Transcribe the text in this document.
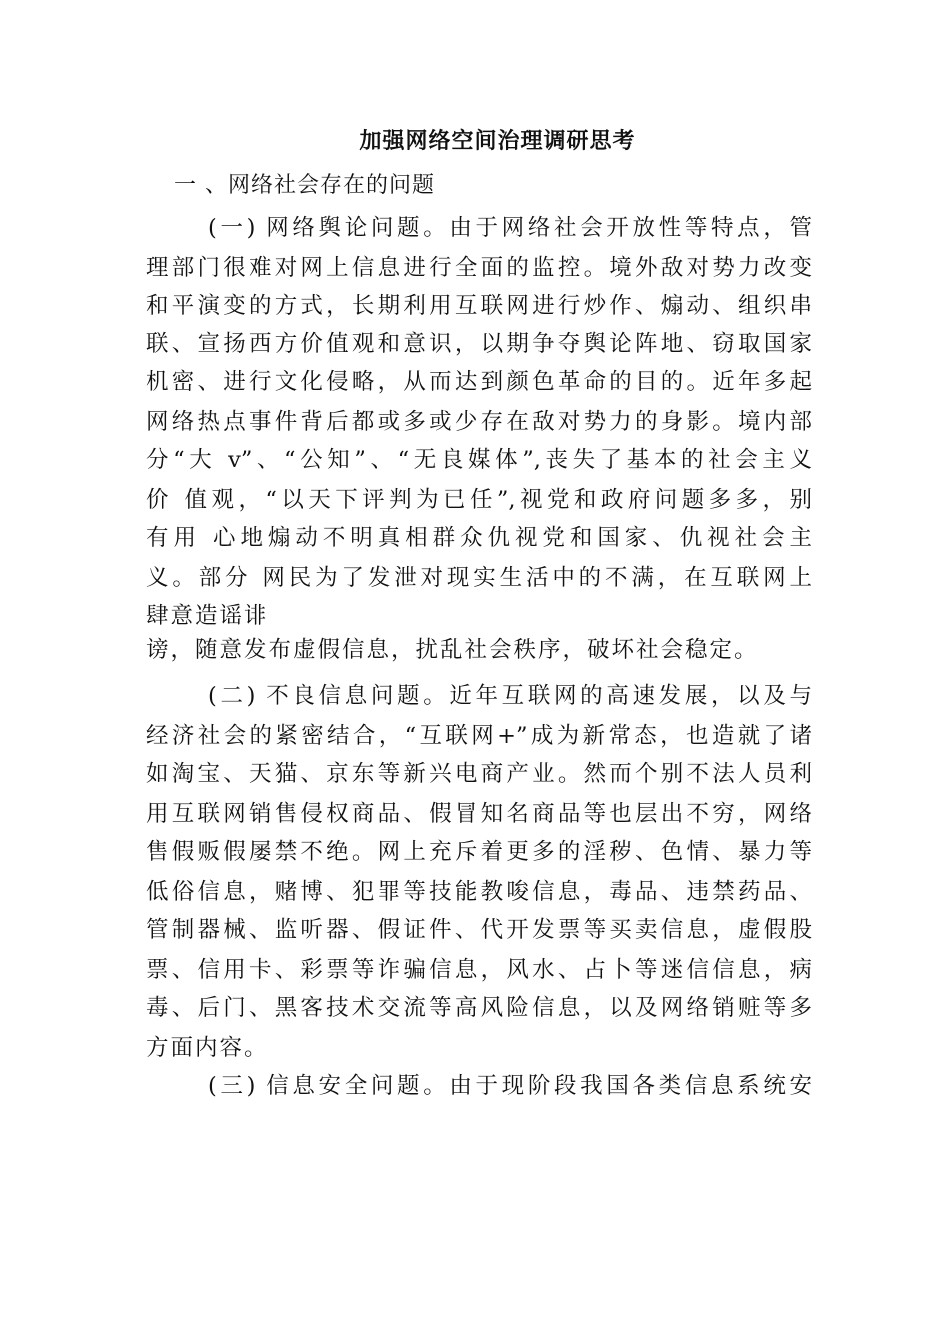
加强网络空间治理调研思考
一 、网络社会存在的问题
(一) 网络舆论问题。由于网络社会开放性等特点，管
理部门很难对网上信息进行全面的监控。境外敌对势力改变
和平演变的方式，长期利用互联网进行炒作、煽动、组织串
联、宣扬西方价值观和意识，以期争夺舆论阵地、窃取国家
机密、进行文化侵略，从而达到颜色革命的目的。近年多起
网络热点事件背后都或多或少存在敌对势力的身影。境内部
分“大 v”、“公知”、“无良媒体”,丧失了基本的社会主义
价 值观，“以天下评判为已任”,视党和政府问题多多，别
有用 心地煽动不明真相群众仇视党和国家、仇视社会主
义。部分 网民为了发泄对现实生活中的不满，在互联网上
肆意造谣诽
谤，随意发布虚假信息，扰乱社会秩序，破坏社会稳定。
(二) 不良信息问题。近年互联网的高速发展，以及与
经济社会的紧密结合，“互联网+”成为新常态，也造就了诸
如淘宝、天猫、京东等新兴电商产业。然而个别不法人员利
用互联网销售侵权商品、假冒知名商品等也层出不穷，网络
售假贩假屡禁不绝。网上充斥着更多的淫秽、色情、暴力等
低俗信息，赌博、犯罪等技能教唆信息，毒品、违禁药品、
管制器械、监听器、假证件、代开发票等买卖信息，虚假股
票、信用卡、彩票等诈骗信息，风水、占卜等迷信信息，病
毒、后门、黑客技术交流等高风险信息，以及网络销赃等多
方面内容。
(三) 信息安全问题。由于现阶段我国各类信息系统安
